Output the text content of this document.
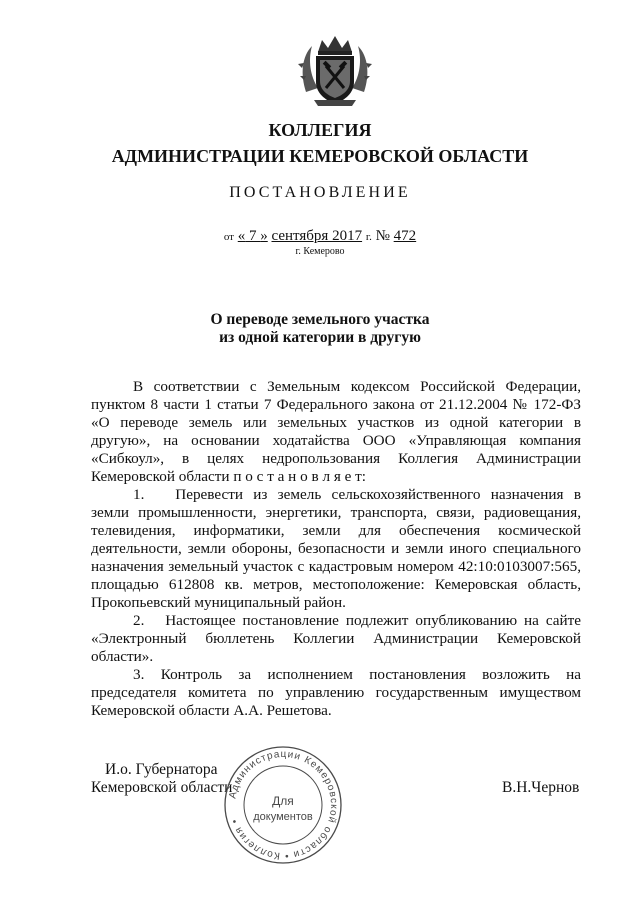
КОЛЛЕГИЯ
АДМИНИСТРАЦИИ КЕМЕРОВСКОЙ ОБЛАСТИ
ПОСТАНОВЛЕНИЕ
от « 7 » сентября 2017 г. № 472
г. Кемерово
О переводе земельного участка
из одной категории в другую
В соответствии с Земельным кодексом Российской Федерации,
пунктом 8 части 1 статьи 7 Федерального закона от 21.12.2004 № 172-ФЗ
«О переводе земель или земельных участков из одной категории в
другую», на основании ходатайства ООО «Управляющая компания
«Сибкоул», в целях недропользования Коллегия Администрации
Кемеровской области п о с т а н о в л я е т:
1.   Перевести из земель сельскохозяйственного назначения в
земли промышленности, энергетики, транспорта, связи, радиовещания,
телевидения, информатики, земли для обеспечения космической
деятельности, земли обороны, безопасности и земли иного специального
назначения земельный участок с кадастровым номером 42:10:0103007:565,
площадью 612808 кв. метров, местоположение: Кемеровская область,
Прокопьевский муниципальный район.
2.   Настоящее постановление подлежит опубликованию на сайте
«Электронный бюллетень Коллегии Администрации Кемеровской
области».
3. Контроль за исполнением постановления возложить на
председателя комитета по управлению государственным имуществом
Кемеровской области А.А. Решетова.
И.о. Губернатора
Кемеровской области	В.Н.Чернов
Администрации Кемеровской области • Коллегия •
Для
документов
